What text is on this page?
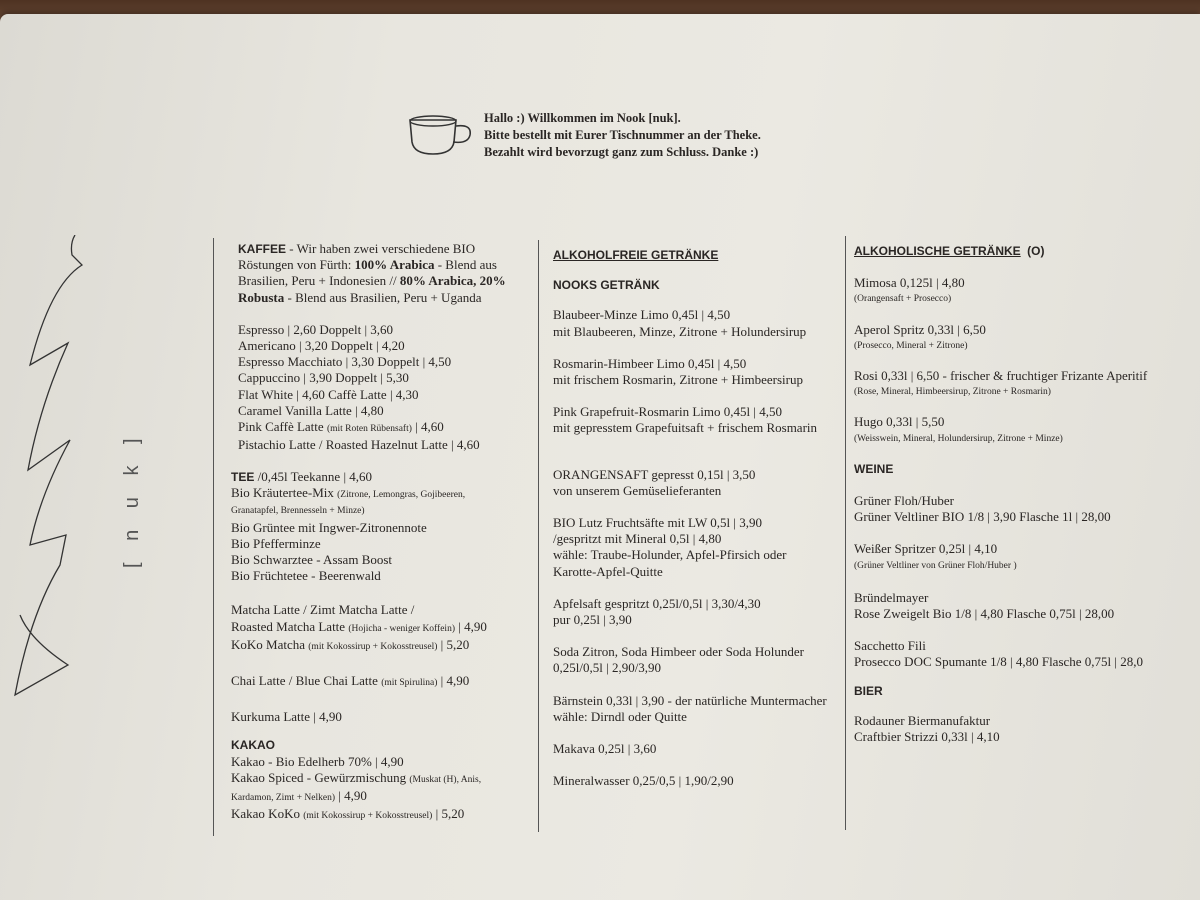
Hallo :) Willkommen im Nook [nuk].
Bitte bestellt mit Eurer Tischnummer an der Theke.
Bezahlt wird bevorzugt ganz zum Schluss. Danke :)
[ n u k ]

KAFFEE - Wir haben zwei verschiedene BIO

Röstungen von Fürth: 100% Arabica - Blend aus

Brasilien, Peru + Indonesien // 80% Arabica, 20%

Robusta - Blend aus Brasilien, Peru + Uganda

Espresso | 2,60 Doppelt | 3,60

Americano | 3,20 Doppelt | 4,20

Espresso Macchiato | 3,30 Doppelt | 4,50

Cappuccino | 3,90 Doppelt | 5,30

Flat White | 4,60 Caffè Latte | 4,30

Caramel Vanilla Latte | 4,80

Pink Caffè Latte (mit Roten Rübensaft) | 4,60

Pistachio Latte / Roasted Hazelnut Latte | 4,60

TEE /0,45l Teekanne | 4,60

Bio Kräutertee-Mix (Zitrone, Lemongras, Gojibeeren,

Granatapfel, Brennesseln + Minze)

Bio Grüntee mit Ingwer-Zitronennote

Bio Pfefferminze

Bio Schwarztee - Assam Boost

Bio Früchtetee - Beerenwald

Matcha Latte / Zimt Matcha Latte /

Roasted Matcha Latte (Hojicha - weniger Koffein) | 4,90

KoKo Matcha (mit Kokossirup + Kokosstreusel) | 5,20

Chai Latte / Blue Chai Latte (mit Spirulina) | 4,90

Kurkuma Latte | 4,90

KAKAO

Kakao - Bio Edelherb 70% | 4,90

Kakao Spiced - Gewürzmischung (Muskat (H), Anis,

Kardamon, Zimt + Nelken) | 4,90

Kakao KoKo (mit Kokossirup + Kokosstreusel) | 5,20

ALKOHOLFREIE GETRÄNKE

NOOKS GETRÄNK

Blaubeer-Minze Limo 0,45l | 4,50

mit Blaubeeren, Minze, Zitrone + Holundersirup

Rosmarin-Himbeer Limo 0,45l | 4,50

mit frischem Rosmarin, Zitrone + Himbeersirup

Pink Grapefruit-Rosmarin Limo 0,45l | 4,50

mit gepresstem Grapefuitsaft + frischem Rosmarin

ORANGENSAFT gepresst 0,15l | 3,50

von unserem Gemüselieferanten

BIO Lutz Fruchtsäfte mit LW 0,5l | 3,90

/gespritzt mit Mineral 0,5l | 4,80

wähle: Traube-Holunder, Apfel-Pfirsich oder

Karotte-Apfel-Quitte

Apfelsaft gespritzt 0,25l/0,5l | 3,30/4,30

pur 0,25l | 3,90

Soda Zitron, Soda Himbeer oder Soda Holunder

0,25l/0,5l | 2,90/3,90

Bärnstein 0,33l | 3,90 - der natürliche Muntermacher

wähle: Dirndl oder Quitte

Makava 0,25l | 3,60

Mineralwasser 0,25/0,5 | 1,90/2,90

ALKOHOLISCHE GETRÄNKE (O)

Mimosa 0,125l | 4,80

(Orangensaft + Prosecco)

Aperol Spritz 0,33l | 6,50

(Prosecco, Mineral + Zitrone)

Rosi 0,33l | 6,50 - frischer & fruchtiger Frizante Aperitif

(Rose, Mineral, Himbeersirup, Zitrone + Rosmarin)

Hugo 0,33l | 5,50

(Weisswein, Mineral, Holundersirup, Zitrone + Minze)

WEINE

Grüner Floh/Huber

Grüner Veltliner BIO 1/8 | 3,90 Flasche 1l | 28,00

Weißer Spritzer 0,25l | 4,10

(Grüner Veltliner von Grüner Floh/Huber )

Bründelmayer

Rose Zweigelt Bio 1/8 | 4,80 Flasche 0,75l | 28,00

Sacchetto Fili

Prosecco DOC Spumante 1/8 | 4,80 Flasche 0,75l | 28,0

BIER

Rodauner Biermanufaktur

Craftbier Strizzi 0,33l | 4,10
